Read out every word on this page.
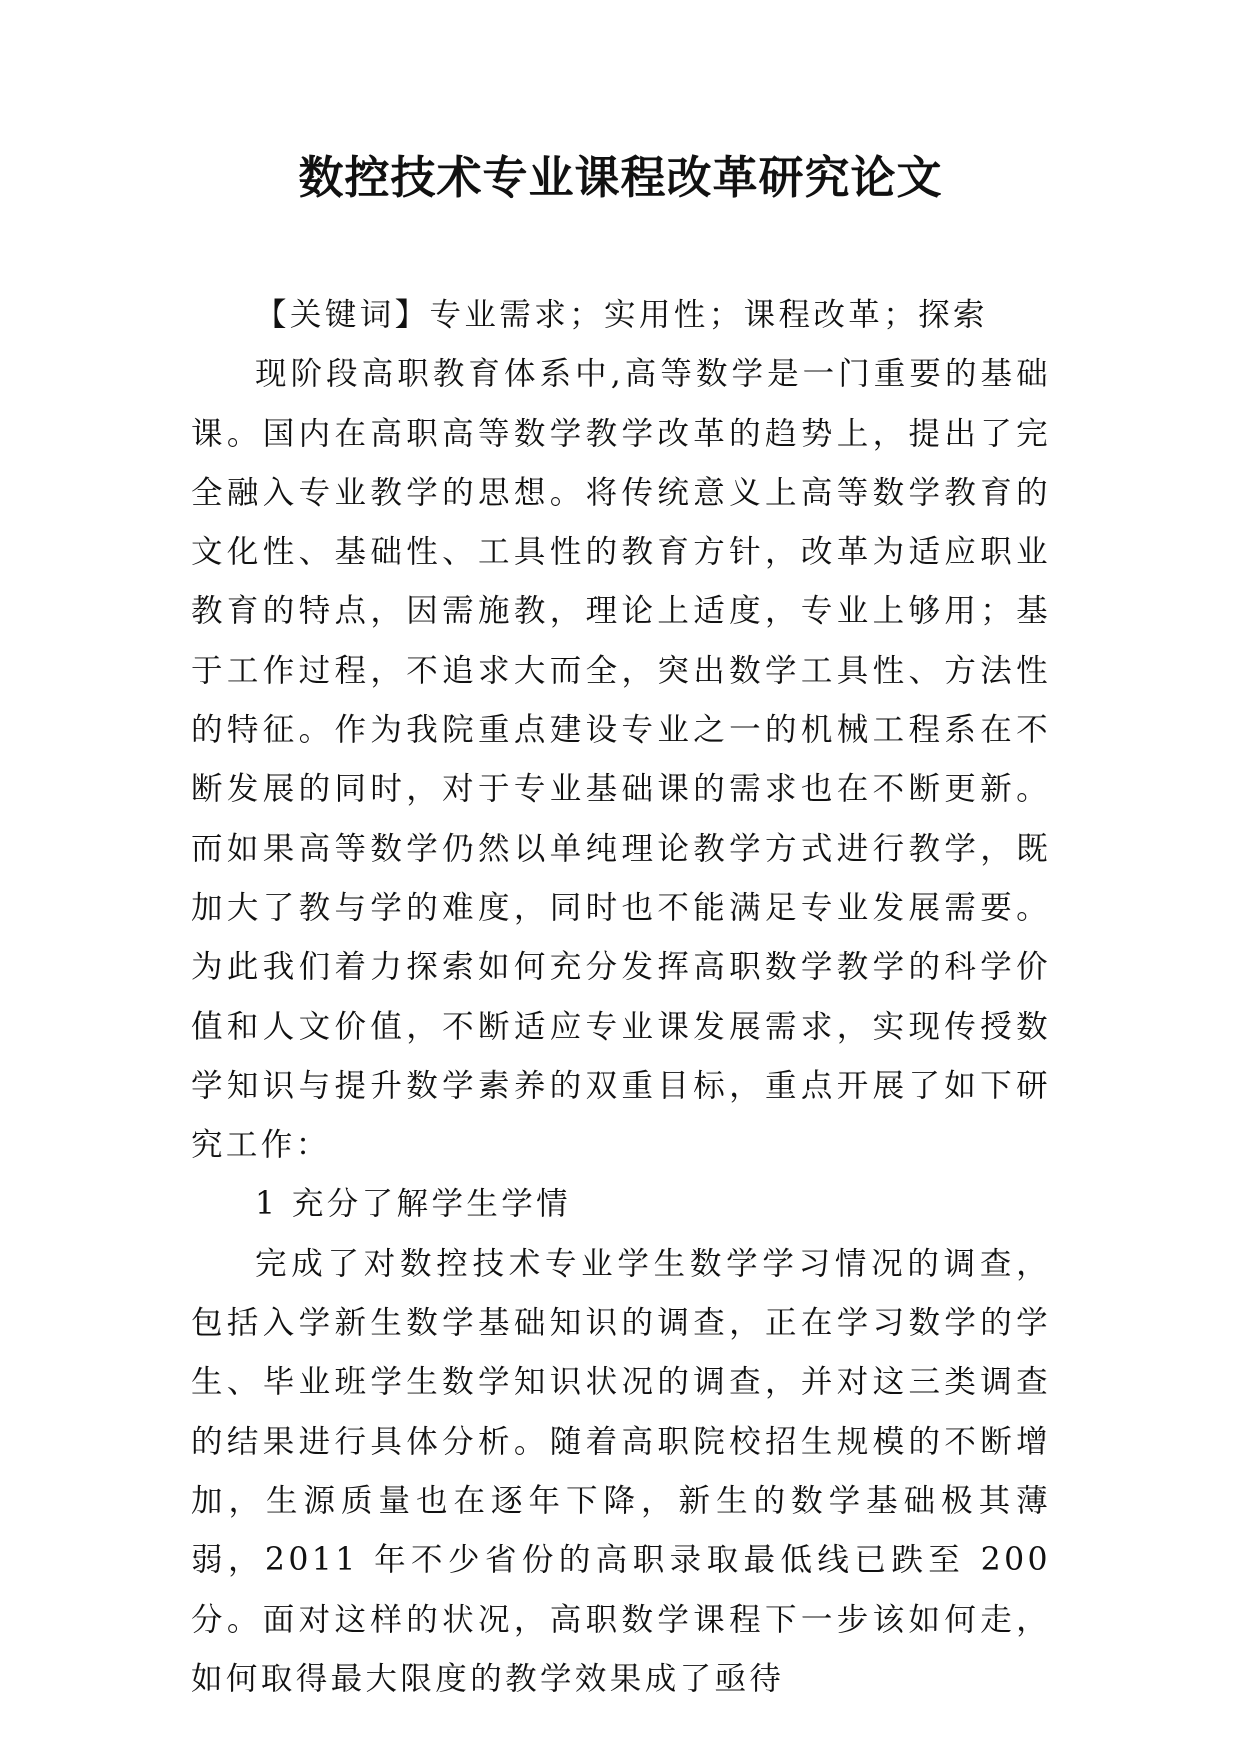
数控技术专业课程改革研究论文

【关键词】专业需求；实用性；课程改革；探索

现阶段高职教育体系中,高等数学是一门重要的基础课。国内在高职高等数学教学改革的趋势上，提出了完全融入专业教学的思想。将传统意义上高等数学教育的文化性、基础性、工具性的教育方针，改革为适应职业教育的特点，因需施教，理论上适度，专业上够用；基于工作过程，不追求大而全，突出数学工具性、方法性的特征。作为我院重点建设专业之一的机械工程系在不断发展的同时，对于专业基础课的需求也在不断更新。而如果高等数学仍然以单纯理论教学方式进行教学，既加大了教与学的难度，同时也不能满足专业发展需要。为此我们着力探索如何充分发挥高职数学教学的科学价值和人文价值，不断适应专业课发展需求，实现传授数学知识与提升数学素养的双重目标，重点开展了如下研究工作：

1 充分了解学生学情

完成了对数控技术专业学生数学学习情况的调查，包括入学新生数学基础知识的调查，正在学习数学的学生、毕业班学生数学知识状况的调查，并对这三类调查的结果进行具体分析。随着高职院校招生规模的不断增加，生源质量也在逐年下降，新生的数学基础极其薄弱，2011 年不少省份的高职录取最低线已跌至 200 分。面对这样的状况，高职数学课程下一步该如何走，如何取得最大限度的教学效果成了亟待
